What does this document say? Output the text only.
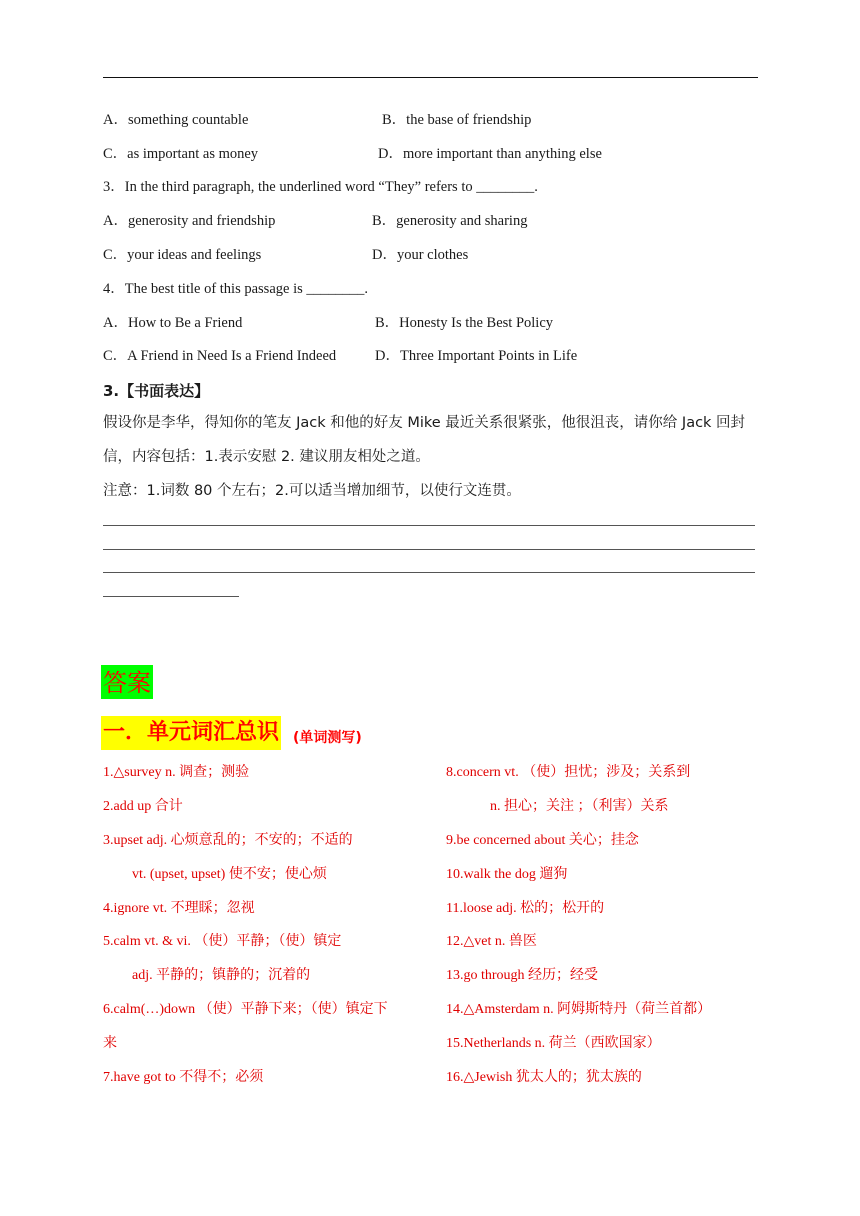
A．something countable	B．the base of friendship
C．as important as money	D．more important than anything else
3．In the third paragraph, the underlined word “They” refers to ________.
A．generosity and friendship	B．generosity and sharing
C．your ideas and feelings	D．your clothes
4．The best title of this passage is ________.
A．How to Be a Friend	B．Honesty Is the Best Policy
C．A Friend in Need Is a Friend Indeed	D．Three Important Points in Life
3.【书面表达】
假设你是李华，得知你的笔友 Jack 和他的好友 Mike 最近关系很紧张，他很沮丧，请你给 Jack 回封信，内容包括：1.表示安慰 2. 建议朋友相处之道。
注意：1.词数 80 个左右；2.可以适当增加细节，以使行文连贯。
答案
一．单元词汇总识 (单词测写)
1.△survey n. 调查；测验
2.add up 合计
3.upset adj. 心烦意乱的；不安的；不适的
vt. (upset, upset) 使不安；使心烦
4.ignore vt. 不理睬；忽视
5.calm vt. & vi. （使）平静；（使）镇定
adj. 平静的；镇静的；沉着的
6.calm(…)down （使）平静下来；（使）镇定下
来
7.have got to 不得不；必须
8.concern vt. （使）担忧；涉及；关系到
n. 担心；关注 ；（利害）关系
9.be concerned about 关心；挂念
10.walk the dog 遛狗
11.loose adj. 松的；松开的
12.△vet n. 兽医
13.go through 经历；经受
14.△Amsterdam n. 阿姆斯特丹（荷兰首都）
15.Netherlands n. 荷兰（西欧国家）
16.△Jewish 犹太人的；犹太族的
